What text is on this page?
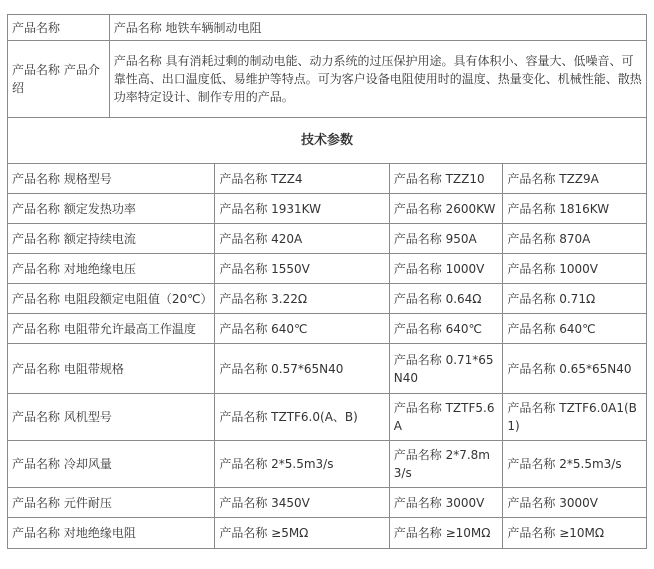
产品名称	产品名称 地铁车辆制动电阻			
产品名称 产品介绍	产品名称 具有消耗过剩的制动电能、动力系统的过压保护用途。具有体积小、容量大、低噪音、可靠性高、出口温度低、易维护等特点。可为客户设备电阻使用时的温度、热量变化、机械性能、散热功率特定设计、制作专用的产品。			
技术参数				
产品名称 规格型号		产品名称 TZZ4	产品名称 TZZ10	产品名称 TZZ9A
产品名称 额定发热功率		产品名称 1931KW	产品名称 2600KW	产品名称 1816KW
产品名称 额定持续电流		产品名称 420A	产品名称 950A	产品名称 870A
产品名称 对地绝缘电压		产品名称 1550V	产品名称 1000V	产品名称 1000V
产品名称 电阻段额定电阻值（20℃）		产品名称 3.22Ω	产品名称 0.64Ω	产品名称 0.71Ω
产品名称 电阻带允许最高工作温度		产品名称 640℃	产品名称 640℃	产品名称 640℃
产品名称 电阻带规格		产品名称 0.57*65N40	产品名称 0.71*65N40	产品名称 0.65*65N40
产品名称 风机型号		产品名称 TZTF6.0(A、B)	产品名称 TZTF5.6A	产品名称 TZTF6.0A1(B1)
产品名称 冷却风量		产品名称 2*5.5m3/s	产品名称 2*7.8m3/s	产品名称 2*5.5m3/s
产品名称 元件耐压		产品名称 3450V	产品名称 3000V	产品名称 3000V
产品名称 对地绝缘电阻		产品名称 ≥5MΩ	产品名称 ≥10MΩ	产品名称 ≥10MΩ
